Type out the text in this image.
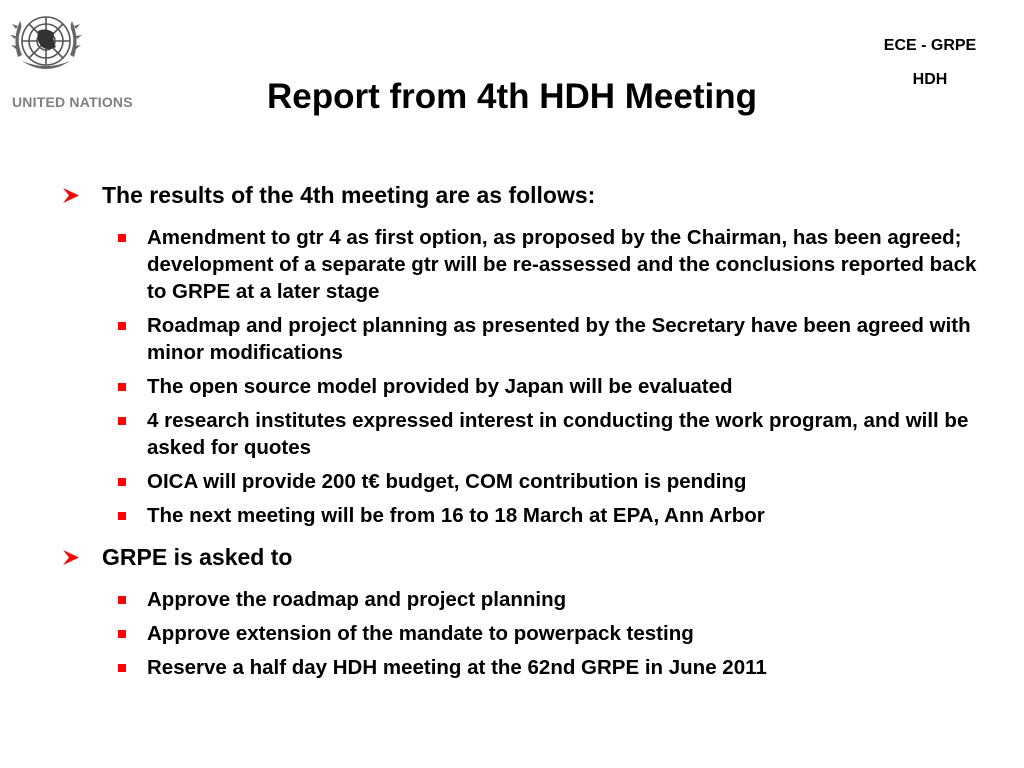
UNITED NATIONS
ECE - GRPE
HDH
Report from 4th HDH Meeting
The results of the 4th meeting are as follows:
Amendment to gtr 4 as first option, as proposed by the Chairman, has been agreed; development of a separate gtr will be re-assessed and the conclusions reported back to GRPE at a later stage
Roadmap and project planning as presented by the Secretary have been agreed with minor modifications
The open source model provided by Japan will be evaluated
4 research institutes expressed interest in conducting the work program, and will be asked for quotes
OICA will provide 200 t€ budget, COM contribution is pending
The next meeting will be from 16 to 18 March at EPA, Ann Arbor
GRPE is asked to
Approve the roadmap and project planning
Approve extension of the mandate to powerpack testing
Reserve a half day HDH meeting at the 62nd GRPE in June 2011
